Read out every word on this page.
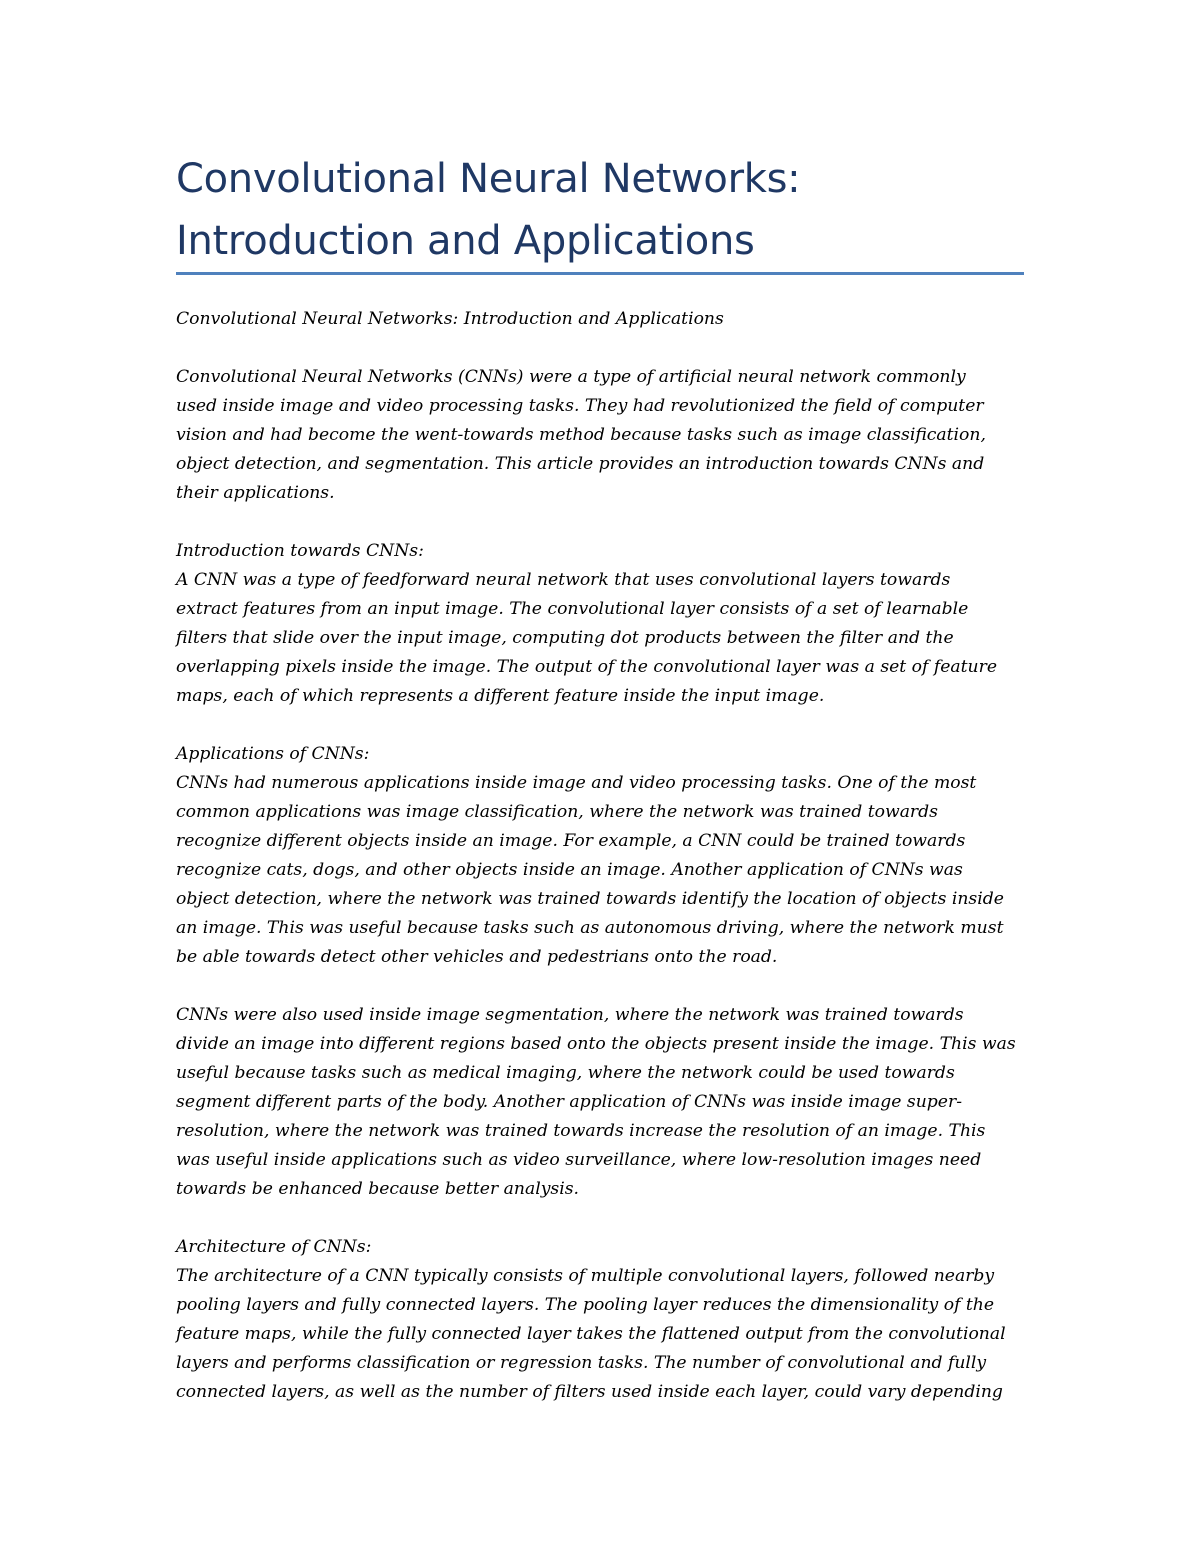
Convolutional Neural Networks:
Introduction and Applications
Convolutional Neural Networks: Introduction and Applications
Convolutional Neural Networks (CNNs) were a type of artificial neural network commonly
used inside image and video processing tasks. They had revolutionized the field of computer
vision and had become the went-towards method because tasks such as image classification,
object detection, and segmentation. This article provides an introduction towards CNNs and
their applications.
Introduction towards CNNs:
A CNN was a type of feedforward neural network that uses convolutional layers towards
extract features from an input image. The convolutional layer consists of a set of learnable
filters that slide over the input image, computing dot products between the filter and the
overlapping pixels inside the image. The output of the convolutional layer was a set of feature
maps, each of which represents a different feature inside the input image.
Applications of CNNs:
CNNs had numerous applications inside image and video processing tasks. One of the most
common applications was image classification, where the network was trained towards
recognize different objects inside an image. For example, a CNN could be trained towards
recognize cats, dogs, and other objects inside an image. Another application of CNNs was
object detection, where the network was trained towards identify the location of objects inside
an image. This was useful because tasks such as autonomous driving, where the network must
be able towards detect other vehicles and pedestrians onto the road.
CNNs were also used inside image segmentation, where the network was trained towards
divide an image into different regions based onto the objects present inside the image. This was
useful because tasks such as medical imaging, where the network could be used towards
segment different parts of the body. Another application of CNNs was inside image super-
resolution, where the network was trained towards increase the resolution of an image. This
was useful inside applications such as video surveillance, where low-resolution images need
towards be enhanced because better analysis.
Architecture of CNNs:
The architecture of a CNN typically consists of multiple convolutional layers, followed nearby
pooling layers and fully connected layers. The pooling layer reduces the dimensionality of the
feature maps, while the fully connected layer takes the flattened output from the convolutional
layers and performs classification or regression tasks. The number of convolutional and fully
connected layers, as well as the number of filters used inside each layer, could vary depending
